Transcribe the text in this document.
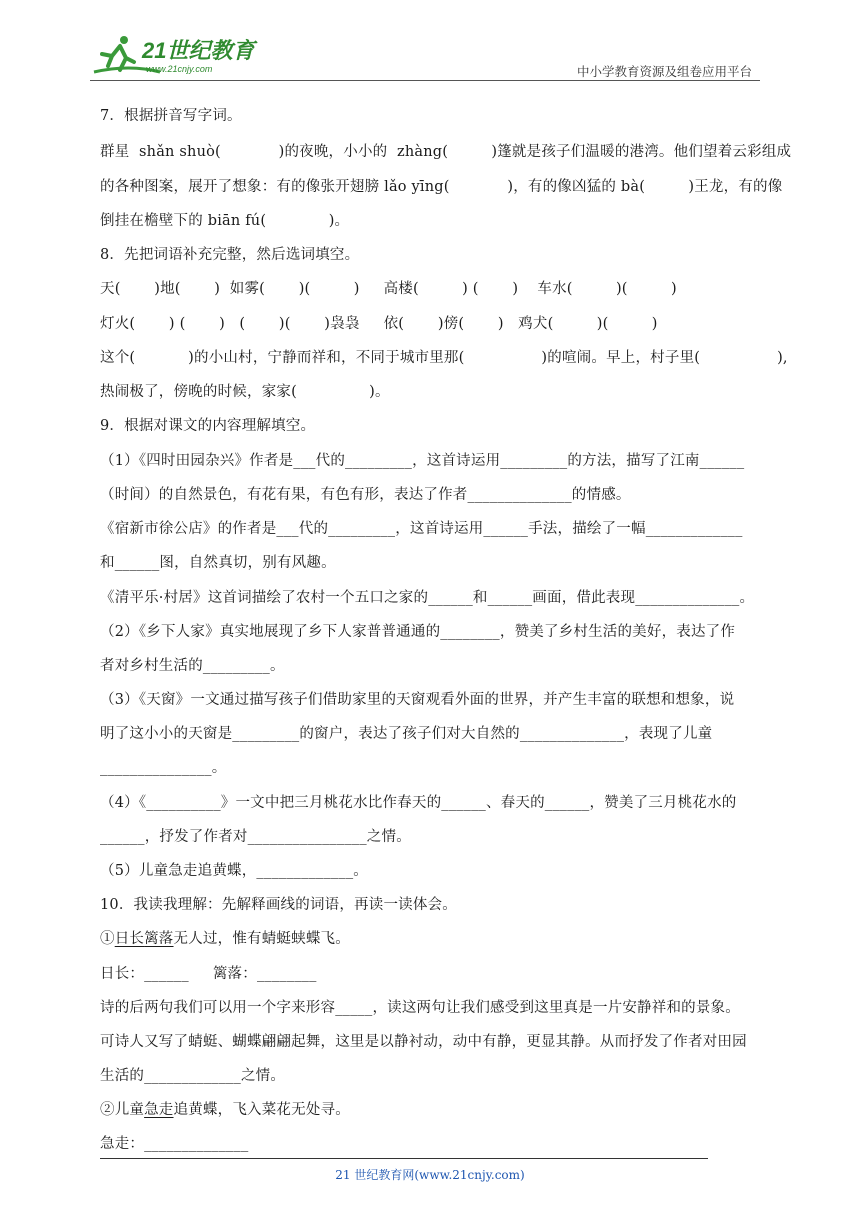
21世纪教育
www.21cnjy.com	中小学教育资源及组卷应用平台
7．根据拼音写字词。
群星  shǎn shuò(            )的夜晚，小小的  zhàng(         )篷就是孩子们温暖的港湾。他们望着云彩组成
的各种图案，展开了想象：有的像张开翅膀 lǎo yīng(            )，有的像凶猛的 bà(         )王龙，有的像
倒挂在檐壁下的 biān fú(             )。
8．先把词语补充完整，然后选词填空。
天(       )地(       )  如雾(       )(         )     高楼(         ) (       )    车水(         )(         )
灯火(       ) (       )   (       )(       )袅袅     依(       )傍(       )   鸡犬(         )(         )
这个(           )的小山村，宁静而祥和，不同于城市里那(                )的喧闹。早上，村子里(                ),
热闹极了，傍晚的时候，家家(               )。
9．根据对课文的内容理解填空。
（1）《四时田园杂兴》作者是___代的_________，这首诗运用_________的方法，描写了江南______
（时间）的自然景色，有花有果，有色有形，表达了作者______________的情感。
《宿新市徐公店》的作者是___代的_________，这首诗运用______手法，描绘了一幅_____________
和______图，自然真切，别有风趣。
《清平乐·村居》这首词描绘了农村一个五口之家的______和______画面，借此表现______________。
（2）《乡下人家》真实地展现了乡下人家普普通通的________，赞美了乡村生活的美好，表达了作
者对乡村生活的_________。
（3）《天窗》一文通过描写孩子们借助家里的天窗观看外面的世界，并产生丰富的联想和想象，说
明了这小小的天窗是_________的窗户，表达了孩子们对大自然的______________，表现了儿童
_______________。
（4）《__________》一文中把三月桃花水比作春天的______、春天的______，赞美了三月桃花水的
______，抒发了作者对________________之情。
（5）儿童急走追黄蝶，_____________。
10．我读我理解：先解释画线的词语，再读一读体会。
①日长篱落无人过，惟有蜻蜓蛱蝶飞。
日长：______     篱落：________
诗的后两句我们可以用一个字来形容_____，读这两句让我们感受到这里真是一片安静祥和的景象。
可诗人又写了蜻蜓、蝴蝶翩翩起舞，这里是以静衬动，动中有静，更显其静。从而抒发了作者对田园
生活的_____________之情。
②儿童急走追黄蝶，飞入菜花无处寻。
急走：______________
21 世纪教育网(www.21cnjy.com)
